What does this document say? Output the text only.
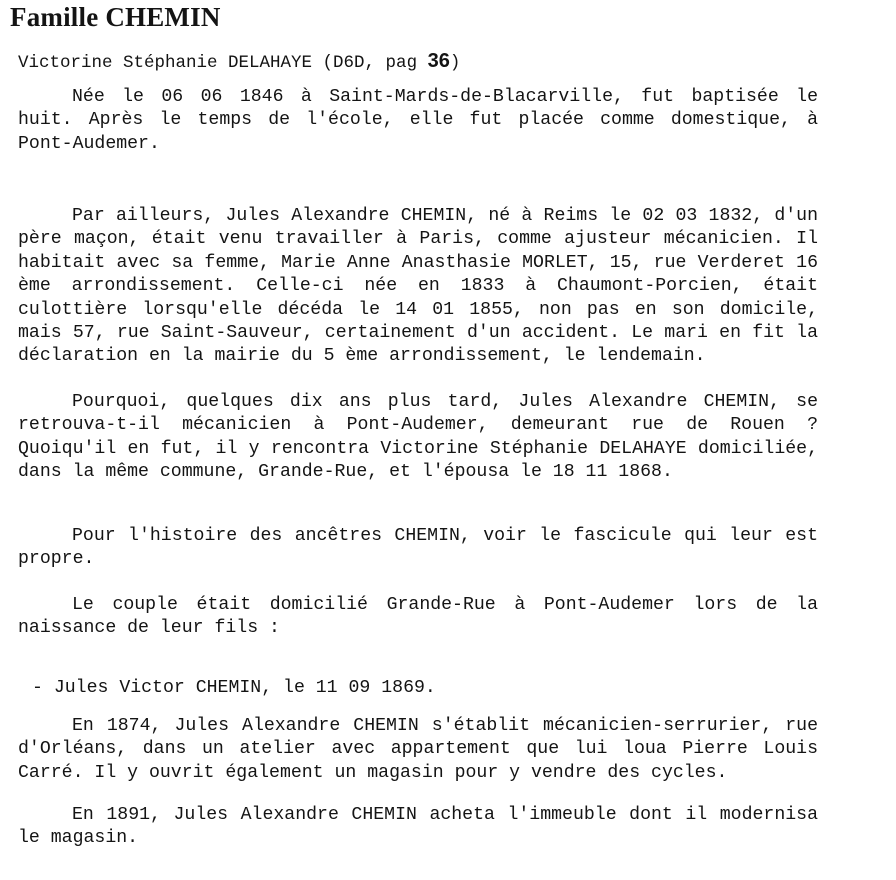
Famille CHEMIN
Victorine Stéphanie DELAHAYE (D6D, pag 36)

Née le 06 06 1846 à Saint-Mards-de-Blacarville, fut baptisée le huit. Après le temps de l'école, elle fut placée comme domestique, à Pont-Audemer.

Par ailleurs, Jules Alexandre CHEMIN, né à Reims le 02 03 1832, d'un père maçon, était venu travailler à Paris, comme ajusteur mécanicien. Il habitait avec sa femme, Marie Anne Anasthasie MORLET, 15, rue Verderet 16 ème arrondissement. Celle-ci née en 1833 à Chaumont-Porcien, était culottière lorsqu'elle décéda le 14 01 1855, non pas en son domicile, mais 57, rue Saint-Sauveur, certainement d'un accident. Le mari en fit la déclaration en la mairie du 5 ème arrondissement, le lendemain.

Pourquoi, quelques dix ans plus tard, Jules Alexandre CHEMIN, se retrouva-t-il mécanicien à Pont-Audemer, demeurant rue de Rouen ? Quoiqu'il en fut, il y rencontra Victorine Stéphanie DELAHAYE domiciliée, dans la même commune, Grande-Rue, et l'épousa le 18 11 1868.

Pour l'histoire des ancêtres CHEMIN, voir le fascicule qui leur est propre.

Le couple était domicilié Grande-Rue à Pont-Audemer lors de la naissance de leur fils :

- Jules Victor CHEMIN, le 11 09 1869.

En 1874, Jules Alexandre CHEMIN s'établit mécanicien-serrurier, rue d'Orléans, dans un atelier avec appartement que lui loua Pierre Louis Carré. Il y ouvrit également un magasin pour y vendre des cycles.

En 1891, Jules Alexandre CHEMIN acheta l'immeuble dont il modernisa le magasin.
